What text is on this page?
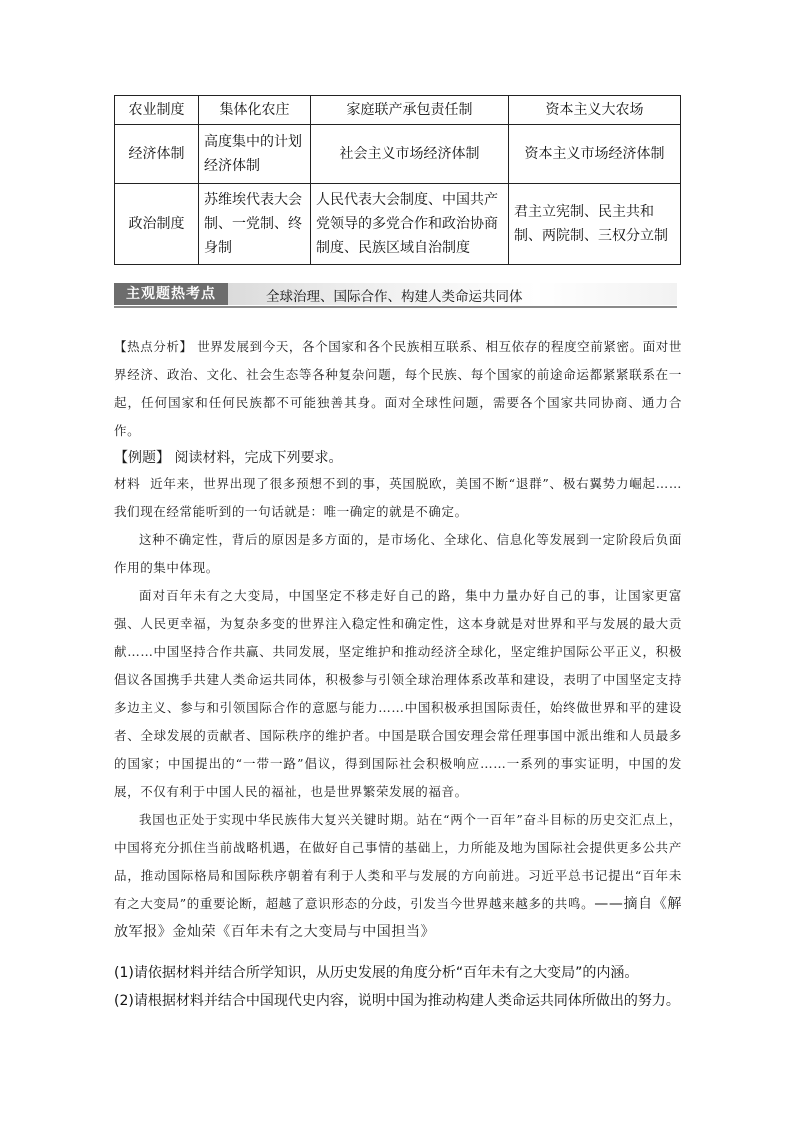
农业制度	集体化农庄	家庭联产承包责任制	资本主义大农场
经济体制	高度集中的计划经济体制	社会主义市场经济体制	资本主义市场经济体制
政治制度	苏维埃代表大会制、一党制、终身制	人民代表大会制度、中国共产党领导的多党合作和政治协商制度、民族区域自治制度	君主立宪制、民主共和制、两院制、三权分立制
主观题热考点	全球治理、国际合作、构建人类命运共同体

【热点分析】 世界发展到今天，各个国家和各个民族相互联系、相互依存的程度空前紧密。面对世界经济、政治、文化、社会生态等各种复杂问题，每个民族、每个国家的前途命运都紧紧联系在一起，任何国家和任何民族都不可能独善其身。面对全球性问题，需要各个国家共同协商、通力合作。

【例题】 阅读材料，完成下列要求。

材料 近年来，世界出现了很多预想不到的事，英国脱欧，美国不断“退群”、极右翼势力崛起……我们现在经常能听到的一句话就是：唯一确定的就是不确定。

这种不确定性，背后的原因是多方面的，是市场化、全球化、信息化等发展到一定阶段后负面作用的集中体现。

面对百年未有之大变局，中国坚定不移走好自己的路，集中力量办好自己的事，让国家更富强、人民更幸福，为复杂多变的世界注入稳定性和确定性，这本身就是对世界和平与发展的最大贡献……中国坚持合作共赢、共同发展，坚定维护和推动经济全球化，坚定维护国际公平正义，积极倡议各国携手共建人类命运共同体，积极参与引领全球治理体系改革和建设，表明了中国坚定支持多边主义、参与和引领国际合作的意愿与能力……中国积极承担国际责任，始终做世界和平的建设者、全球发展的贡献者、国际秩序的维护者。中国是联合国安理会常任理事国中派出维和人员最多的国家；中国提出的“一带一路”倡议，得到国际社会积极响应……一系列的事实证明，中国的发展，不仅有利于中国人民的福祉，也是世界繁荣发展的福音。

我国也正处于实现中华民族伟大复兴关键时期。站在“两个一百年”奋斗目标的历史交汇点上，中国将充分抓住当前战略机遇，在做好自己事情的基础上，力所能及地为国际社会提供更多公共产品，推动国际格局和国际秩序朝着有利于人类和平与发展的方向前进。习近平总书记提出“百年未有之大变局”的重要论断，超越了意识形态的分歧，引发当今世界越来越多的共鸣。——摘自《解放军报》金灿荣《百年未有之大变局与中国担当》

(1)请依据材料并结合所学知识，从历史发展的角度分析“百年未有之大变局”的内涵。
(2)请根据材料并结合中国现代史内容，说明中国为推动构建人类命运共同体所做出的努力。
